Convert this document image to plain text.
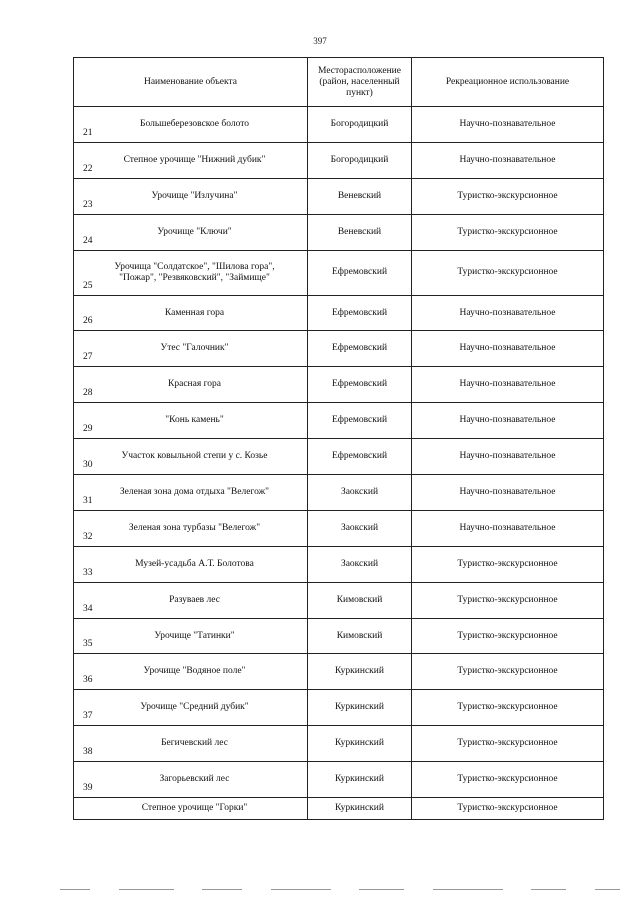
397
Наименование объекта	Месторасположение (район, населенный пункт)	Рекреационное использование

21
Большеберезовское болото	Богородицкий	Научно-познавательное

22
Степное урочище "Нижний дубик"	Богородицкий	Научно-познавательное

23
Урочище "Излучина"	Веневский	Туристко-экскурсионное

24
Урочище "Ключи"	Веневский	Туристко-экскурсионное

25
Урочища "Солдатское", "Шилова гора", "Пожар", "Резвяковский", "Займище"	Ефремовский	Туристко-экскурсионное

26
Каменная гора	Ефремовский	Научно-познавательное

27
Утес "Галочник"	Ефремовский	Научно-познавательное

28
Красная гора	Ефремовский	Научно-познавательное

29
"Конь камень"	Ефремовский	Научно-познавательное

30
Участок ковыльной степи у с. Козье	Ефремовский	Научно-познавательное

31
Зеленая зона дома отдыха "Велегож"	Заокский	Научно-познавательное

32
Зеленая зона турбазы "Велегож"	Заокский	Научно-познавательное

33
Музей-усадьба А.Т. Болотова	Заокский	Туристко-экскурсионное

34
Разуваев лес	Кимовский	Туристко-экскурсионное

35
Урочище "Татинки"	Кимовский	Туристко-экскурсионное

36
Урочище "Водяное поле"	Куркинский	Туристко-экскурсионное

37
Урочище "Средний дубик"	Куркинский	Туристко-экскурсионное

38
Бегичевский лес	Куркинский	Туристко-экскурсионное

39
Загорьевский лес	Куркинский	Туристко-экскурсионное

Степное урочище "Горки"	Куркинский	Туристко-экскурсионное
